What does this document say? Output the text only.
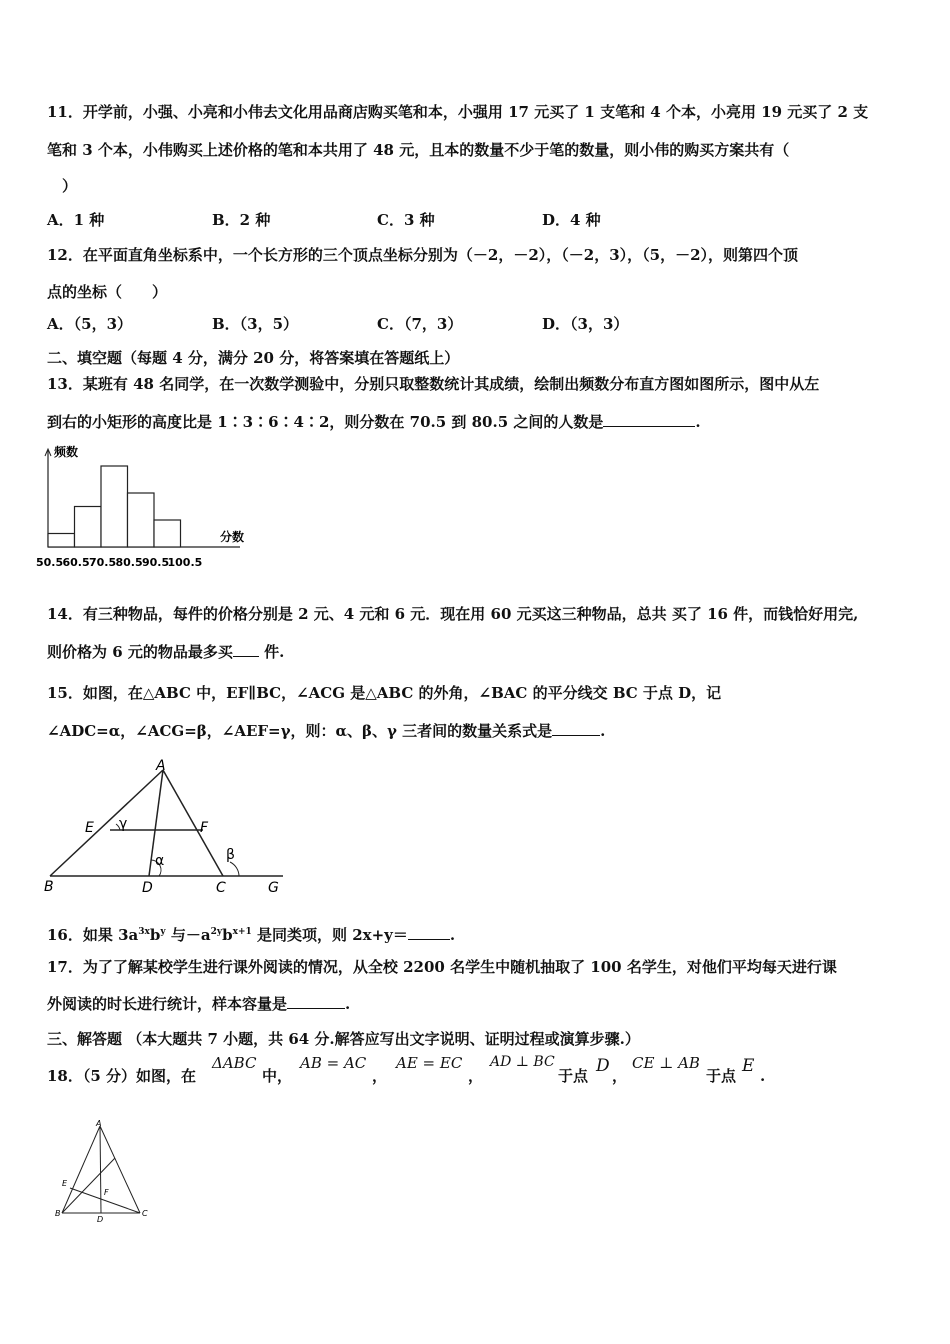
11．开学前，小强、小亮和小伟去文化用品商店购买笔和本，小强用 17 元买了 1 支笔和 4 个本，小亮用 19 元买了 2 支
笔和 3 个本，小伟购买上述价格的笔和本共用了 48 元，且本的数量不少于笔的数量，则小伟的购买方案共有（
）
A．1 种	B．2 种	C．3 种	D．4 种
12．在平面直角坐标系中，一个长方形的三个顶点坐标分别为（－2，－2），（－2，3），（5，－2），则第四个顶
点的坐标（　　）
A．（5，3）	B．（3，5）	C．（7，3）	D．（3，3）
二、填空题（每题 4 分，满分 20 分，将答案填在答题纸上）
13．某班有 48 名同学，在一次数学测验中，分别只取整数统计其成绩，绘制出频数分布直方图如图所示，图中从左
到右的小矩形的高度比是 1∶3∶6∶4∶2，则分数在 70.5 到 80.5 之间的人数是	.
50.5 60.5 70.5 80.5 90.5
100.5
频数
分数
14．有三种物品，每件的价格分别是 2 元、4 元和 6 元．现在用 60 元买这三种物品，总共 买了 16 件，而钱恰好用完,
则价格为 6 元的物品最多买 件.
15．如图，在△ABC 中，EF∥BC，∠ACG 是△ABC 的外角，∠BAC 的平分线交 BC 于点 D，记
∠ADC=α，∠ACG=β，∠AEF=γ，则：α、β、γ 三者间的数量关系式是	.
A
B	D	C	G
E	F
γ
α	β
16．如果 $3a^{3x}b^y$ 与$-a^{2y}b^{x+1}$ 是同类项，则 2x+y＝	.
17．为了了解某校学生进行课外阅读的情况，从全校 2200 名学生中随机抽取了 100 名学生，对他们平均每天进行课
外阅读的时长进行统计，样本容量是	.
三、解答题 （本大题共 7 小题，共 64 分.解答应写出文字说明、证明过程或演算步骤.）
18．（5 分）如图，在
ΔABC
中，
AB = AC
，
AE = EC
，
AD ⊥ BC
于点 D ，
CE ⊥ AB
于点 E .
A
E
F
B
D
C
